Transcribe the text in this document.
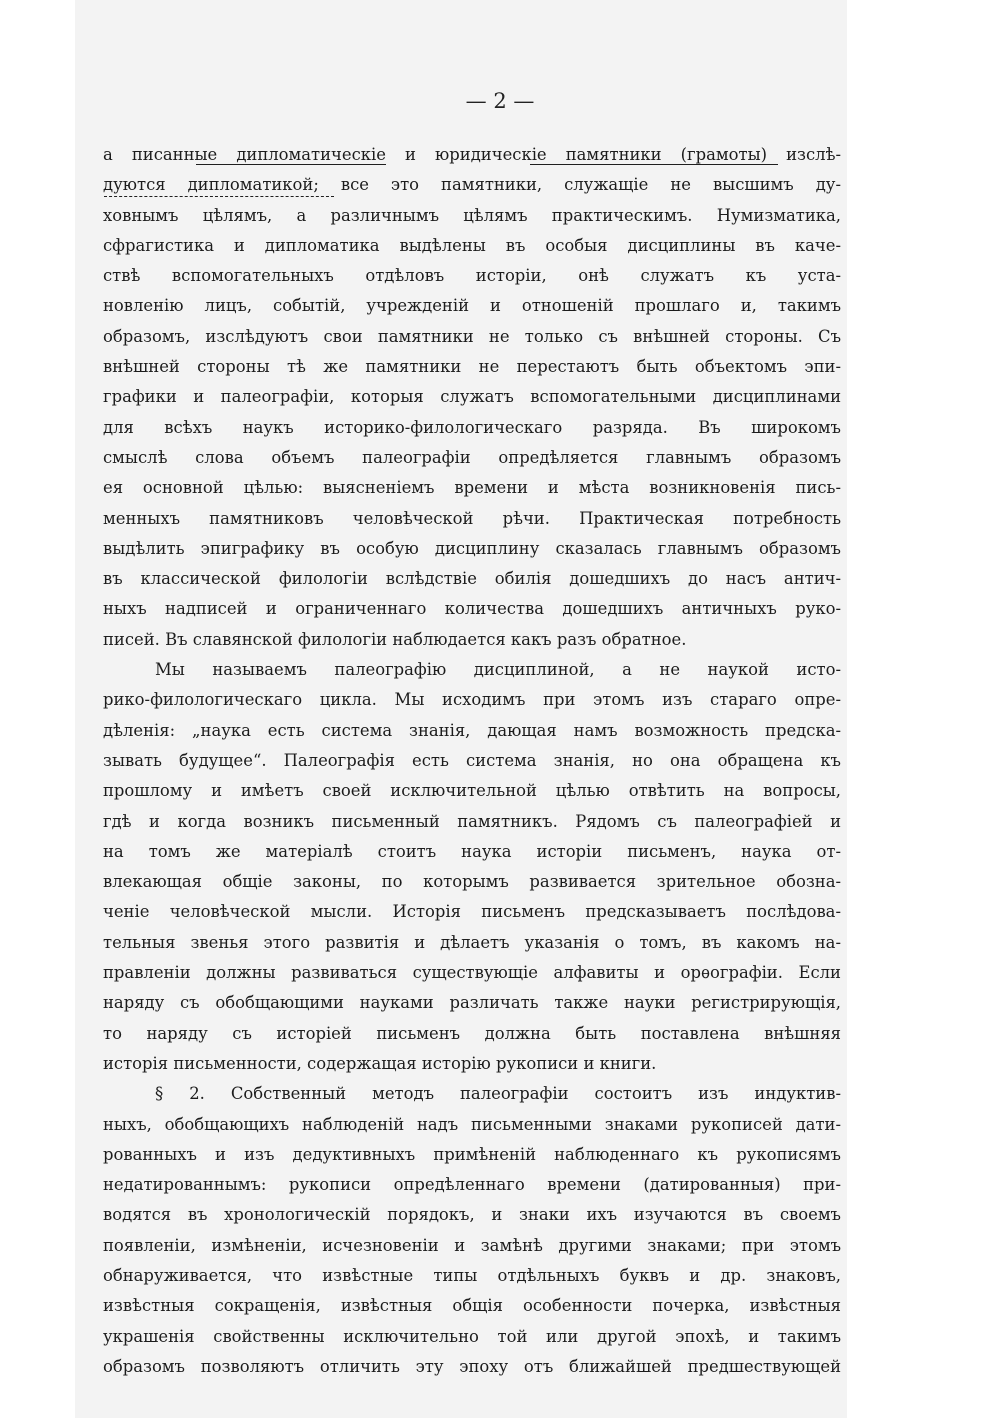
— 2 —

а писанные дипломатическіе и юридическіе памятники (грамоты) изслѣ-
дуются дипломатикой; все это памятники, служащіе не высшимъ ду-
ховнымъ цѣлямъ, а различнымъ цѣлямъ практическимъ. Нумизматика,
сфрагистика и дипломатика выдѣлены въ особыя дисциплины въ каче-
ствѣ вспомогательныхъ отдѣловъ исторіи, онѣ служатъ къ уста-
новленію лицъ, событій, учрежденій и отношеній прошлаго и, такимъ
образомъ, изслѣдуютъ свои памятники не только съ внѣшней стороны. Съ
внѣшней стороны тѣ же памятники не перестаютъ быть объектомъ эпи-
графики и палеографіи, которыя служатъ вспомогательными дисциплинами
для всѣхъ наукъ историко-филологическаго разряда. Въ широкомъ
смыслѣ слова объемъ палеографіи опредѣляется главнымъ образомъ
ея основной цѣлью: выясненіемъ времени и мѣста возникновенія пись-
менныхъ памятниковъ человѣческой рѣчи. Практическая потребность
выдѣлить эпиграфику въ особую дисциплину сказалась главнымъ образомъ
въ классической филологіи вслѣдствіе обилія дошедшихъ до насъ антич-
ныхъ надписей и ограниченнаго количества дошедшихъ античныхъ руко-
писей. Въ славянской филологіи наблюдается какъ разъ обратное.
Мы называемъ палеографію дисциплиной, а не наукой исто-
рико-филологическаго цикла. Мы исходимъ при этомъ изъ стараго опре-
дѣленія: „наука есть система знанія, дающая намъ возможность предска-
зывать будущее“. Палеографія есть система знанія, но она обращена къ
прошлому и имѣетъ своей исключительной цѣлью отвѣтить на вопросы,
гдѣ и когда возникъ письменный памятникъ. Рядомъ съ палеографіей и
на томъ же матеріалѣ стоитъ наука исторіи письменъ, наука от-
влекающая общіе законы, по которымъ развивается зрительное обозна-
ченіе человѣческой мысли. Исторія письменъ предсказываетъ послѣдова-
тельныя звенья этого развитія и дѣлаетъ указанія о томъ, въ какомъ на-
правленіи должны развиваться существующіе алфавиты и орѳографіи. Если
наряду съ обобщающими науками различать также науки регистрирующія,
то наряду съ исторіей письменъ должна быть поставлена внѣшняя
исторія письменности, содержащая исторію рукописи и книги.
§ 2. Собственный методъ палеографіи состоитъ изъ индуктив-
ныхъ, обобщающихъ наблюденій надъ письменными знаками рукописей дати-
рованныхъ и изъ дедуктивныхъ примѣненій наблюденнаго къ рукописямъ
недатированнымъ: рукописи опредѣленнаго времени (датированныя) при-
водятся въ хронологическій порядокъ, и знаки ихъ изучаются въ своемъ
появленіи, измѣненіи, исчезновеніи и замѣнѣ другими знаками; при этомъ
обнаруживается, что извѣстные типы отдѣльныхъ буквъ и др. знаковъ,
извѣстныя сокращенія, извѣстныя общія особенности почерка, извѣстныя
украшенія свойственны исключительно той или другой эпохѣ, и такимъ
образомъ позволяютъ отличить эту эпоху отъ ближайшей предшествующей
